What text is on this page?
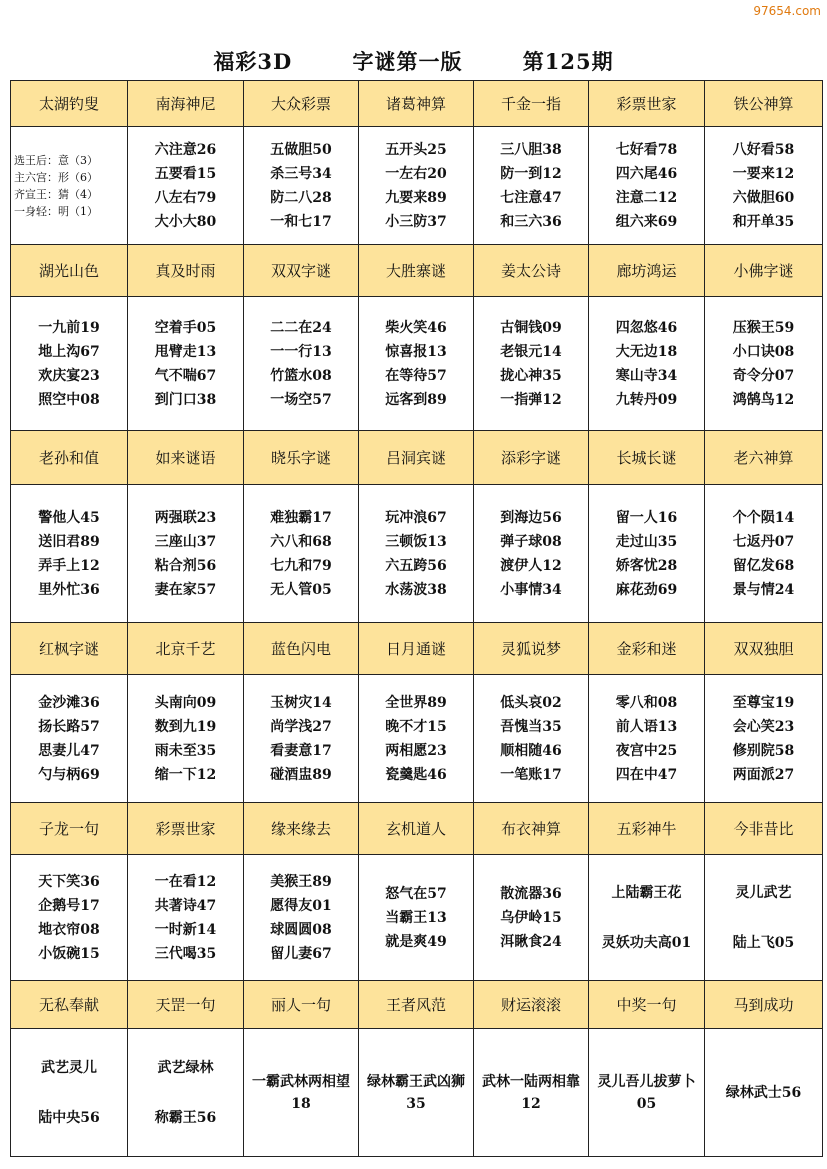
97654.com
福彩3D	字谜第一版	第125期
太湖钓叟	南海神尼	大众彩票	诸葛神算	千金一指	彩票世家	铁公神算

选王后：意（3）
主六宫：形（6）
齐宣王：猜（4）
一身轻：明（1）	六注意26
五要看15
八左右79
大小大80	五做胆50
杀三号34
防二八28
一和七17	五开头25
一左右20
九要来89
小三防37	三八胆38
防一到12
七注意47
和三六36	七好看78
四六尾46
注意二12
组六来69	八好看58
一要来12
六做胆60
和开单35

湖光山色	真及时雨	双双字谜	大胜寨谜	姜太公诗	廊坊鸿运	小佛字谜

一九前19
地上沟67
欢庆宴23
照空中08	空着手05
甩臂走13
气不喘67
到门口38	二二在24
一一行13
竹篮水08
一场空57	柴火笑46
惊喜报13
在等待57
远客到89	古铜钱09
老银元14
拢心神35
一指弹12	四忽悠46
大无边18
寒山寺34
九转丹09	压猴王59
小口诀08
奇令分07
鸿鹄鸟12

老孙和值	如来谜语	晓乐字谜	吕洞宾谜	添彩字谜	长城长谜	老六神算

警他人45
送旧君89
弄手上12
里外忙36	两强联23
三座山37
粘合剂56
妻在家57	难独霸17
六八和68
七九和79
无人管05	玩冲浪67
三顿饭13
六五跨56
水荡波38	到海边56
弹子球08
渡伊人12
小事情34	留一人16
走过山35
娇客忧28
麻花劲69	个个陨14
七返丹07
留亿发68
景与情24

红枫字谜	北京千艺	蓝色闪电	日月通谜	灵狐说梦	金彩和迷	双双独胆

金沙滩36
扬长路57
思妻儿47
勺与柄69	头南向09
数到九19
雨未至35
缩一下12	玉树灾14
尚学浅27
看妻意17
碰酒盅89	全世界89
晚不才15
两相愿23
瓷羹匙46	低头哀02
吾愧当35
顺相随46
一笔账17	零八和08
前人语13
夜宫中25
四在中47	至尊宝19
会心笑23
修别院58
两面派27

子龙一句	彩票世家	缘来缘去	玄机道人	布衣神算	五彩神牛	今非昔比

天下笑36
企鹅号17
地衣帘08
小饭碗15	一在看12
共著诗47
一时新14
三代喝35	美猴王89
愿得友01
球圆圆08
留儿妻67	怒气在57
当霸王13
就是爽49	散流器36
乌伊岭15
洱瞅食24	上陆霸王花
灵妖功夫高01	灵儿武艺
陆上飞05

无私奉献	天罡一句	丽人一句	王者风范	财运滚滚	中奖一句	马到成功

武艺灵儿
陆中央56	武艺绿林
称霸王56	一霸武林两相望18	绿林霸王武凶狮35	武林一陆两相靠12	灵儿吾儿拔萝卜05	绿林武士56
